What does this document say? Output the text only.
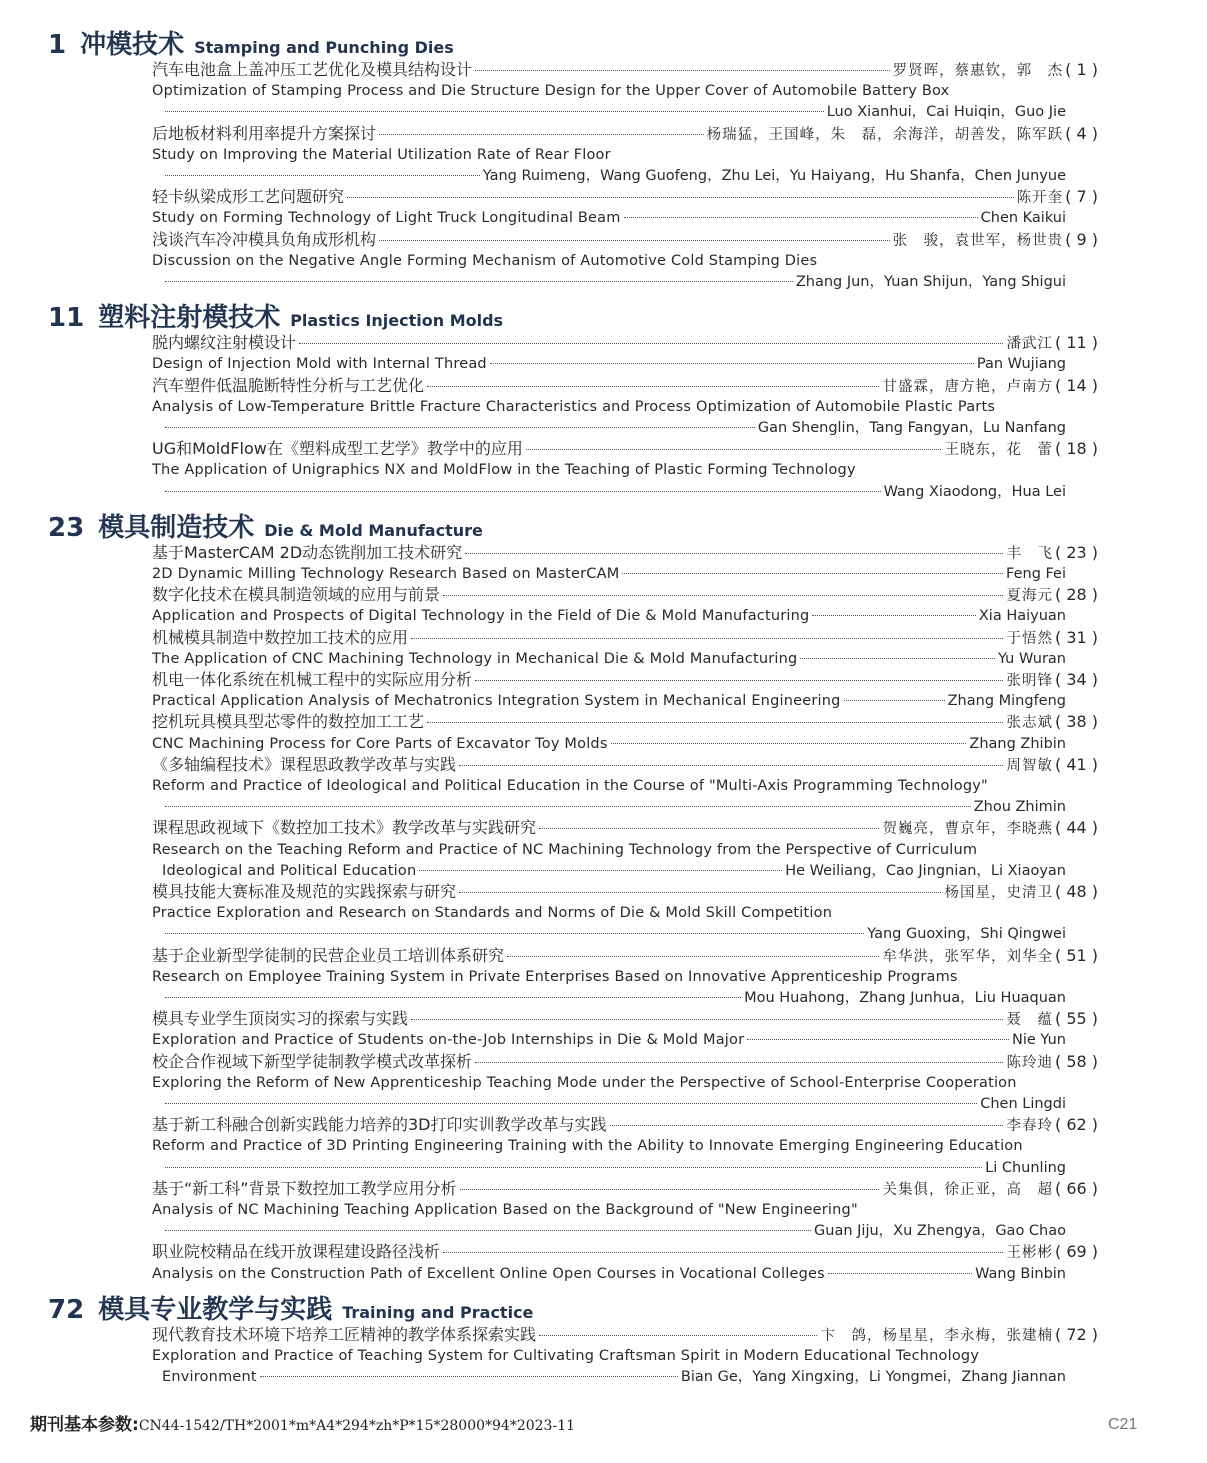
1 冲模技术 Stamping and Punching Dies
汽车电池盒上盖冲压工艺优化及模具结构设计	罗贤晖，蔡惠钦，郭　杰 ( 1 )
Optimization of Stamping Process and Die Structure Design for the Upper Cover of Automobile Battery Box
Luo Xianhui，Cai Huiqin，Guo Jie
后地板材料利用率提升方案探讨	杨瑞猛，王国峰，朱　磊，余海洋，胡善发，陈军跃 ( 4 )
Study on Improving the Material Utilization Rate of Rear Floor
Yang Ruimeng，Wang Guofeng，Zhu Lei，Yu Haiyang，Hu Shanfa，Chen Junyue
轻卡纵梁成形工艺问题研究	陈开奎 ( 7 )
Study on Forming Technology of Light Truck Longitudinal Beam	Chen Kaikui
浅谈汽车冷冲模具负角成形机构	张　骏，袁世军，杨世贵 ( 9 )
Discussion on the Negative Angle Forming Mechanism of Automotive Cold Stamping Dies
Zhang Jun，Yuan Shijun，Yang Shigui
11 塑料注射模技术 Plastics Injection Molds
脱内螺纹注射模设计	潘武江 ( 11 )
Design of Injection Mold with Internal Thread	Pan Wujiang
汽车塑件低温脆断特性分析与工艺优化	甘盛霖，唐方艳，卢南方 ( 14 )
Analysis of Low-Temperature Brittle Fracture Characteristics and Process Optimization of Automobile Plastic Parts
Gan Shenglin，Tang Fangyan，Lu Nanfang
UG和MoldFlow在《塑料成型工艺学》教学中的应用	王晓东，花　蕾 ( 18 )
The Application of Unigraphics NX and MoldFlow in the Teaching of Plastic Forming Technology
Wang Xiaodong，Hua Lei
23 模具制造技术 Die & Mold Manufacture
基于MasterCAM 2D动态铣削加工技术研究	丰　飞 ( 23 )
2D Dynamic Milling Technology Research Based on MasterCAM	Feng Fei
数字化技术在模具制造领域的应用与前景	夏海元 ( 28 )
Application and Prospects of Digital Technology in the Field of Die & Mold Manufacturing	Xia Haiyuan
机械模具制造中数控加工技术的应用	于悟然 ( 31 )
The Application of CNC Machining Technology in Mechanical Die & Mold Manufacturing	Yu Wuran
机电一体化系统在机械工程中的实际应用分析	张明锋 ( 34 )
Practical Application Analysis of Mechatronics Integration System in Mechanical Engineering	Zhang Mingfeng
挖机玩具模具型芯零件的数控加工工艺	张志斌 ( 38 )
CNC Machining Process for Core Parts of Excavator Toy Molds	Zhang Zhibin
《多轴编程技术》课程思政教学改革与实践	周智敏 ( 41 )
Reform and Practice of Ideological and Political Education in the Course of "Multi-Axis Programming Technology"
Zhou Zhimin
课程思政视域下《数控加工技术》教学改革与实践研究	贺巍亮，曹京年，李晓燕 ( 44 )
Research on the Teaching Reform and Practice of NC Machining Technology from the Perspective of Curriculum
Ideological and Political Education	He Weiliang，Cao Jingnian，Li Xiaoyan
模具技能大赛标准及规范的实践探索与研究	杨国星，史清卫 ( 48 )
Practice Exploration and Research on Standards and Norms of Die & Mold Skill Competition
Yang Guoxing，Shi Qingwei
基于企业新型学徒制的民营企业员工培训体系研究	牟华洪，张军华，刘华全 ( 51 )
Research on Employee Training System in Private Enterprises Based on Innovative Apprenticeship Programs
Mou Huahong，Zhang Junhua，Liu Huaquan
模具专业学生顶岗实习的探索与实践	聂　蕴 ( 55 )
Exploration and Practice of Students on-the-Job Internships in Die & Mold Major	Nie Yun
校企合作视域下新型学徒制教学模式改革探析	陈玲迪 ( 58 )
Exploring the Reform of New Apprenticeship Teaching Mode under the Perspective of School-Enterprise Cooperation
Chen Lingdi
基于新工科融合创新实践能力培养的3D打印实训教学改革与实践	李春玲 ( 62 )
Reform and Practice of 3D Printing Engineering Training with the Ability to Innovate Emerging Engineering Education
Li Chunling
基于“新工科”背景下数控加工教学应用分析	关集俱，徐正亚，高　超 ( 66 )
Analysis of NC Machining Teaching Application Based on the Background of "New Engineering"
Guan Jiju，Xu Zhengya，Gao Chao
职业院校精品在线开放课程建设路径浅析	王彬彬 ( 69 )
Analysis on the Construction Path of Excellent Online Open Courses in Vocational Colleges	Wang Binbin
72 模具专业教学与实践 Training and Practice
现代教育技术环境下培养工匠精神的教学体系探索实践	卞　鸽，杨星星，李永梅，张建楠 ( 72 )
Exploration and Practice of Teaching System for Cultivating Craftsman Spirit in Modern Educational Technology
Environment	Bian Ge，Yang Xingxing，Li Yongmei，Zhang Jiannan
期刊基本参数:CN44-1542/TH*2001*m*A4*294*zh*P*15*28000*94*2023-11	C21
